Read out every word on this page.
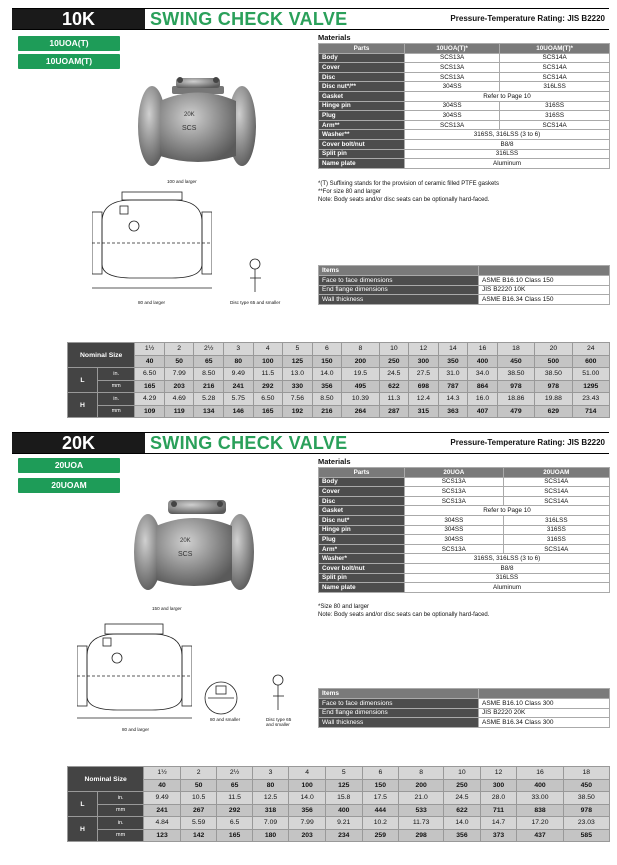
10K	SWING CHECK VALVE	Pressure-Temperature Rating: JIS B2220
10UOA(T)
10UOAM(T)
20K
SCS
100 and larger
80 and larger	Disc type 65 and smaller
Materials
Parts	10UOA(T)*	10UOAM(T)*
Body	SCS13A	SCS14A
Cover	SCS13A	SCS14A
Disc	SCS13A	SCS14A
Disc nut*/**	304SS	316LSS
Gasket	Refer to Page 10	
Hinge pin	304SS	316SS
Plug	304SS	316SS
Arm**	SCS13A	SCS14A
Washer**	316SS, 316LSS (3 to 6)	
Cover bolt/nut	B8/8	
Split pin	316LSS	
Name plate	Aluminum	
*(T) Suffixing stands for the provision of ceramic filled PTFE gaskets
**For size 80 and larger
Note: Body seats and/or disc seats can be optionally hard-faced.
Items	
Face to face dimensions	ASME B16.10 Class 150
End flange dimensions	JIS B2220 10K
Wall thickness	ASME B16.34 Class 150
Nominal Size		1½	2	2½	3	4	5	6	8	10	12	14	16	18	20	24
		40	50	65	80	100	125	150	200	250	300	350	400	450	500	600
L	in.	6.50	7.99	8.50	9.49	11.5	13.0	14.0	19.5	24.5	27.5	31.0	34.0	38.50	38.50	51.00
	mm	165	203	216	241	292	330	356	495	622	698	787	864	978	978	1295
H	in.	4.29	4.69	5.28	5.75	6.50	7.56	8.50	10.39	11.3	12.4	14.3	16.0	18.86	19.88	23.43
	mm	109	119	134	146	165	192	216	264	287	315	363	407	479	629	714
20K	SWING CHECK VALVE	Pressure-Temperature Rating: JIS B2220
20UOA
20UOAM
20K
SCS
150 and larger
80 and larger
80 and smaller	Disc type 65 and smaller
Materials
Parts	20UOA	20UOAM
Body	SCS13A	SCS14A
Cover	SCS13A	SCS14A
Disc	SCS13A	SCS14A
Gasket	Refer to Page 10	
Disc nut*	304SS	316LSS
Hinge pin	304SS	316SS
Plug	304SS	316SS
Arm*	SCS13A	SCS14A
Washer*	316SS, 316LSS (3 to 6)	
Cover bolt/nut	B8/8	
Split pin	316LSS	
Name plate	Aluminum	
*Size 80 and larger
Note: Body seats and/or disc seats can be optionally hard-faced.
Items	
Face to face dimensions	ASME B16.10 Class 300
End flange dimensions	JIS B2220 20K
Wall thickness	ASME B16.34 Class 300
Nominal Size		1½	2	2½	3	4	5	6	8	10	12	16	18
		40	50	65	80	100	125	150	200	250	300	400	450
L	in.	9.49	10.5	11.5	12.5	14.0	15.8	17.5	21.0	24.5	28.0	33.00	38.50
	mm	241	267	292	318	356	400	444	533	622	711	838	978
H	in.	4.84	5.59	6.5	7.09	7.99	9.21	10.2	11.73	14.0	14.7	17.20	23.03
	mm	123	142	165	180	203	234	259	298	356	373	437	585
